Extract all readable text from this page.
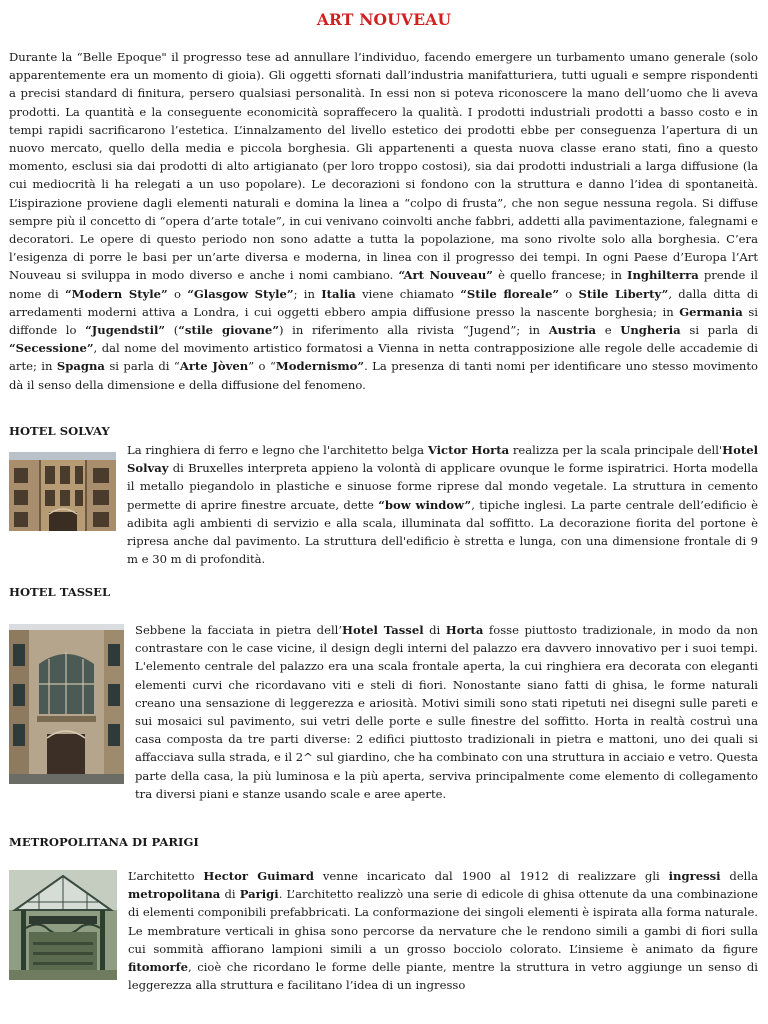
ART NOUVEAU

Durante la “Belle Epoque" il progresso tese ad annullare l’individuo, facendo emergere un turbamento umano generale (solo apparentemente era un momento di gioia). Gli oggetti sfornati dall’industria manifatturiera, tutti uguali e sempre rispondenti a precisi standard di finitura, persero qualsiasi personalità. In essi non si poteva riconoscere la mano dell’uomo che li aveva prodotti. La quantità e la conseguente economicità sopraffecero la qualità. I prodotti industriali prodotti a basso costo e in tempi rapidi sacrificarono l’estetica. L’innalzamento del livello estetico dei prodotti ebbe per conseguenza l’apertura di un nuovo mercato, quello della media e piccola borghesia. Gli appartenenti a questa nuova classe erano stati, fino a questo momento, esclusi sia dai prodotti di alto artigianato (per loro troppo costosi), sia dai prodotti industriali a larga diffusione (la cui mediocrità li ha relegati a un uso popolare). Le decorazioni si fondono con la struttura e danno l’idea di spontaneità. L’ispirazione proviene dagli elementi naturali e domina la linea a “colpo di frusta”, che non segue nessuna regola. Si diffuse sempre più il concetto di “opera d’arte totale”, in cui venivano coinvolti anche fabbri, addetti alla pavimentazione, falegnami e decoratori. Le opere di questo periodo non sono adatte a tutta la popolazione, ma sono rivolte solo alla borghesia. C’era l’esigenza di porre le basi per un’arte diversa e moderna, in linea con il progresso dei tempi. In ogni Paese d’Europa l’Art Nouveau si sviluppa in modo diverso e anche i nomi cambiano. “Art Nouveau” è quello francese; in Inghilterra prende il nome di “Modern Style” o “Glasgow Style”; in Italia viene chiamato “Stile floreale” o Stile Liberty”, dalla ditta di arredamenti moderni attiva a Londra, i cui oggetti ebbero ampia diffusione presso la nascente borghesia; in Germania si diffonde lo “Jugendstil” (“stile giovane”) in riferimento alla rivista “Jugend”; in Austria e Ungheria si parla di “Secessione”, dal nome del movimento artistico formatosi a Vienna in netta contrapposizione alle regole delle accademie di arte; in Spagna si parla di “Arte Jòven” o “Modernismo”. La presenza di tanti nomi per identificare uno stesso movimento dà il senso della dimensione e della diffusione del fenomeno.

HOTEL SOLVAY

La ringhiera di ferro e legno che l'architetto belga Victor Horta realizza per la scala principale dell'Hotel Solvay di Bruxelles interpreta appieno la volontà di applicare ovunque le forme ispiratrici. Horta modella il metallo piegandolo in plastiche e sinuose forme riprese dal mondo vegetale. La struttura in cemento permette di aprire finestre arcuate, dette “bow window”, tipiche inglesi. La parte centrale dell’edificio è adibita agli ambienti di servizio e alla scala, illuminata dal soffitto. La decorazione fiorita del portone è ripresa anche dal pavimento. La struttura dell'edificio è stretta e lunga, con una dimensione frontale di 9 m e 30 m di profondità.

HOTEL TASSEL

Sebbene la facciata in pietra dell’Hotel Tassel di Horta fosse piuttosto tradizionale, in modo da non contrastare con le case vicine, il design degli interni del palazzo era davvero innovativo per i suoi tempi. L'elemento centrale del palazzo era una scala frontale aperta, la cui ringhiera era decorata con eleganti elementi curvi che ricordavano viti e steli di fiori. Nonostante siano fatti di ghisa, le forme naturali creano una sensazione di leggerezza e ariosità. Motivi simili sono stati ripetuti nei disegni sulle pareti e sui mosaici sul pavimento, sui vetri delle porte e sulle finestre del soffitto. Horta in realtà costruì una casa composta da tre parti diverse: 2 edifici piuttosto tradizionali in pietra e mattoni, uno dei quali si affacciava sulla strada, e il 2^ sul giardino, che ha combinato con una struttura in acciaio e vetro. Questa parte della casa, la più luminosa e la più aperta, serviva principalmente come elemento di collegamento tra diversi piani e stanze usando scale e aree aperte.

METROPOLITANA DI PARIGI

L’architetto Hector Guimard venne incaricato dal 1900 al 1912 di realizzare gli ingressi della metropolitana di Parigi. L’architetto realizzò una serie di edicole di ghisa ottenute da una combinazione di elementi componibili prefabbricati. La conformazione dei singoli elementi è ispirata alla forma naturale. Le membrature verticali in ghisa sono percorse da nervature che le rendono simili a gambi di fiori sulla cui sommità affiorano lampioni simili a un grosso bocciolo colorato. L’insieme è animato da figure fitomorfe, cioè che ricordano le forme delle piante, mentre la struttura in vetro aggiunge un senso di leggerezza alla struttura e facilitano l’idea di un ingresso
